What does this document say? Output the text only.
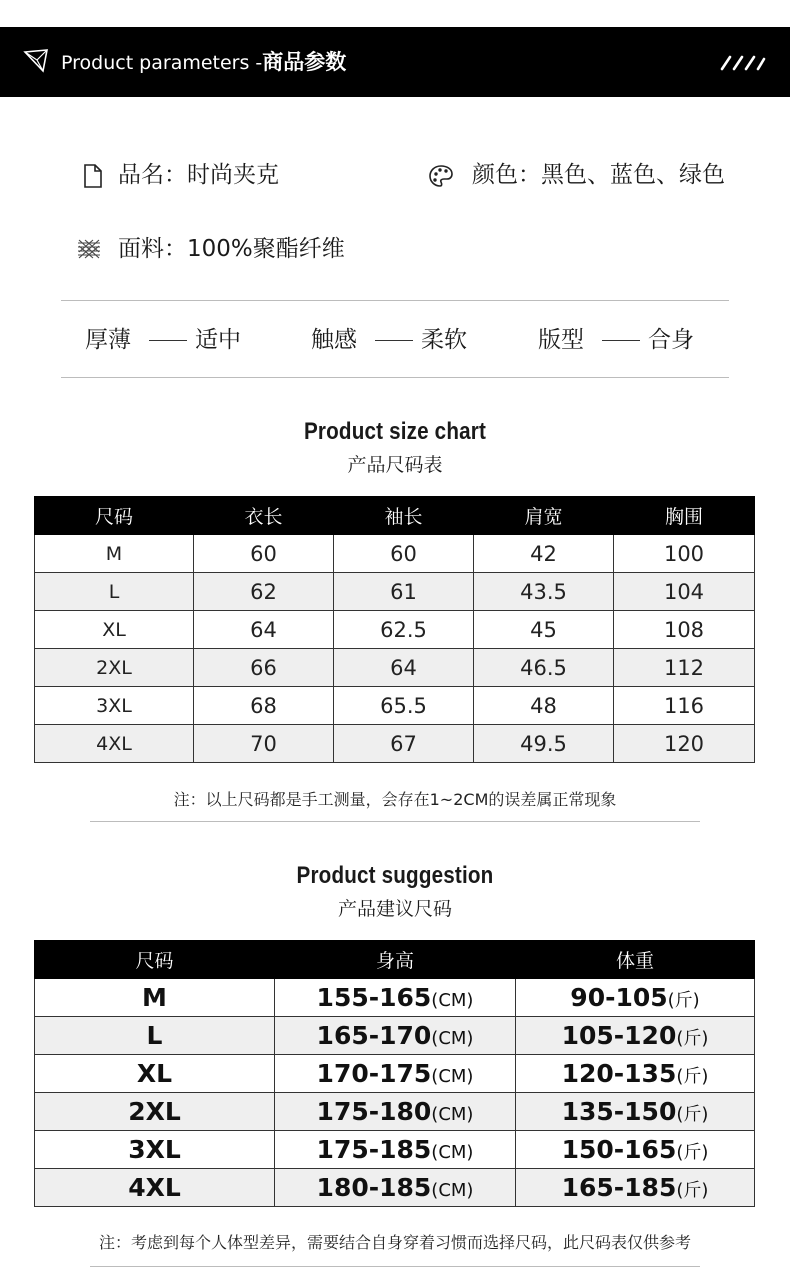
Product parameters -商品参数
品名：时尚夹克	颜色：黑色、蓝色、绿色
面料：100%聚酯纤维
厚薄	适中	触感	柔软	版型	合身
Product size chart
产品尺码表
尺码	衣长	袖长	肩宽	胸围
M	60	60	42	100
L	62	61	43.5	104
XL	64	62.5	45	108
2XL	66	64	46.5	112
3XL	68	65.5	48	116
4XL	70	67	49.5	120
注：以上尺码都是手工测量，会存在1~2CM的误差属正常现象
Product suggestion
产品建议尺码
尺码	身高	体重
M	155-165(CM)	90-105(斤)
L	165-170(CM)	105-120(斤)
XL	170-175(CM)	120-135(斤)
2XL	175-180(CM)	135-150(斤)
3XL	175-185(CM)	150-165(斤)
4XL	180-185(CM)	165-185(斤)
注：考虑到每个人体型差异，需要结合自身穿着习惯而选择尺码，此尺码表仅供参考
